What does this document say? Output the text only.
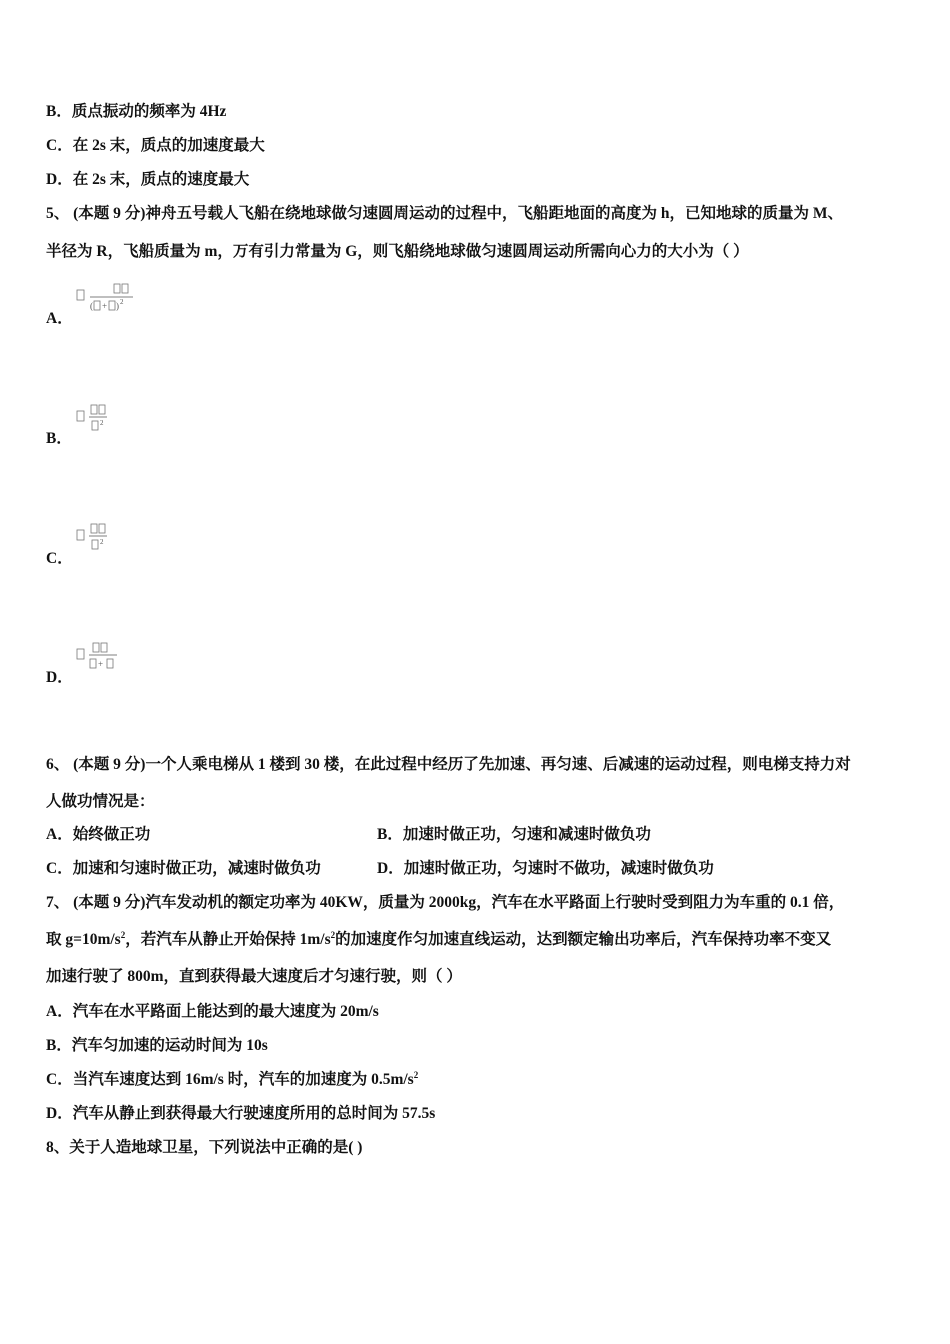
B．质点振动的频率为 4Hz
C．在 2s 末，质点的加速度最大
D．在 2s 末，质点的速度最大
5、 (本题 9 分)神舟五号载人飞船在绕地球做匀速圆周运动的过程中，飞船距地面的高度为 h，已知地球的质量为 M、
半径为 R，飞船质量为 m，万有引力常量为 G，则飞船绕地球做匀速圆周运动所需向心力的大小为（ ）
A．
( + ) 2
B．
2
C．
2
D．
+
6、 (本题 9 分)一个人乘电梯从 1 楼到 30 楼，在此过程中经历了先加速、再匀速、后减速的运动过程，则电梯支持力对
人做功情况是：
A．始终做正功	B．加速时做正功，匀速和减速时做负功
C．加速和匀速时做正功，减速时做负功	D．加速时做正功，匀速时不做功，减速时做负功
7、 (本题 9 分)汽车发动机的额定功率为 40KW，质量为 2000kg，汽车在水平路面上行驶时受到阻力为车重的 0.1 倍，
取 $g=10m/s^2$，若汽车从静止开始保持 $1m/s^2$的加速度作匀加速直线运动，达到额定输出功率后，汽车保持功率不变又
加速行驶了 800m，直到获得最大速度后才匀速行驶，则（ ）
A．汽车在水平路面上能达到的最大速度为 20m/s
B．汽车匀加速的运动时间为 10s
C．当汽车速度达到 16m/s 时，汽车的加速度为 $0.5m/s^2$
D．汽车从静止到获得最大行驶速度所用的总时间为 57.5s
8、关于人造地球卫星，下列说法中正确的是( )
